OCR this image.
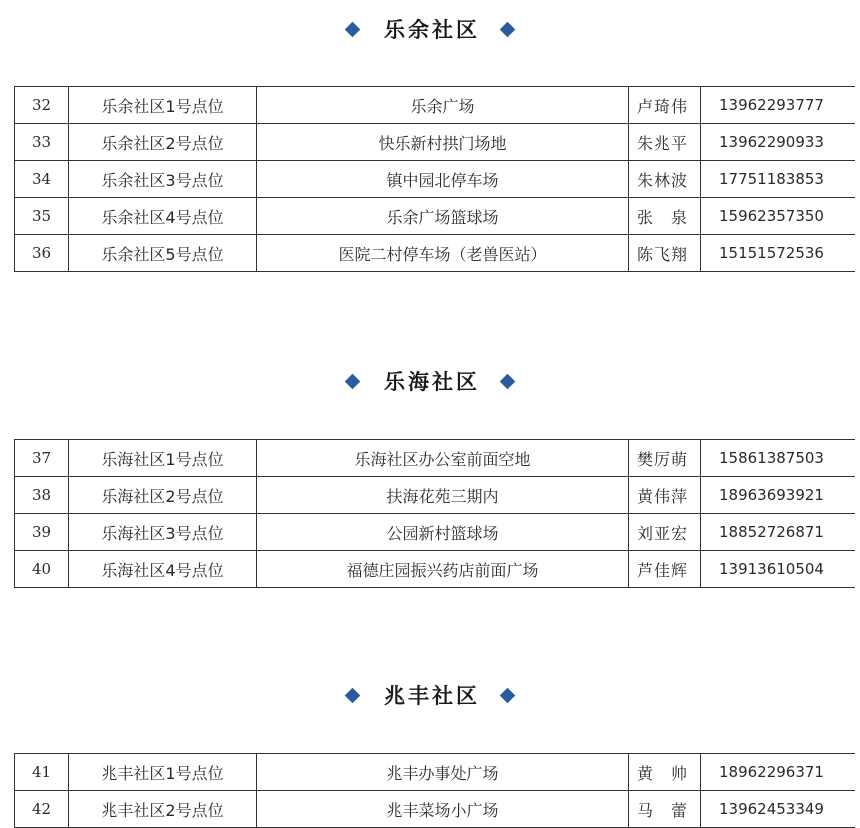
乐余社区
32	乐余社区1号点位	乐余广场	卢琦伟	13962293777
33	乐余社区2号点位	快乐新村拱门场地	朱兆平	13962290933
34	乐余社区3号点位	镇中园北停车场	朱林波	17751183853
35	乐余社区4号点位	乐余广场篮球场	张　泉	15962357350
36	乐余社区5号点位	医院二村停车场（老兽医站）	陈飞翔	15151572536
乐海社区
37	乐海社区1号点位	乐海社区办公室前面空地	樊厉萌	15861387503
38	乐海社区2号点位	扶海花苑三期内	黄伟萍	18963693921
39	乐海社区3号点位	公园新村篮球场	刘亚宏	18852726871
40	乐海社区4号点位	福德庄园振兴药店前面广场	芦佳辉	13913610504
兆丰社区
41	兆丰社区1号点位	兆丰办事处广场	黄　帅	18962296371
42	兆丰社区2号点位	兆丰菜场小广场	马　蕾	13962453349
